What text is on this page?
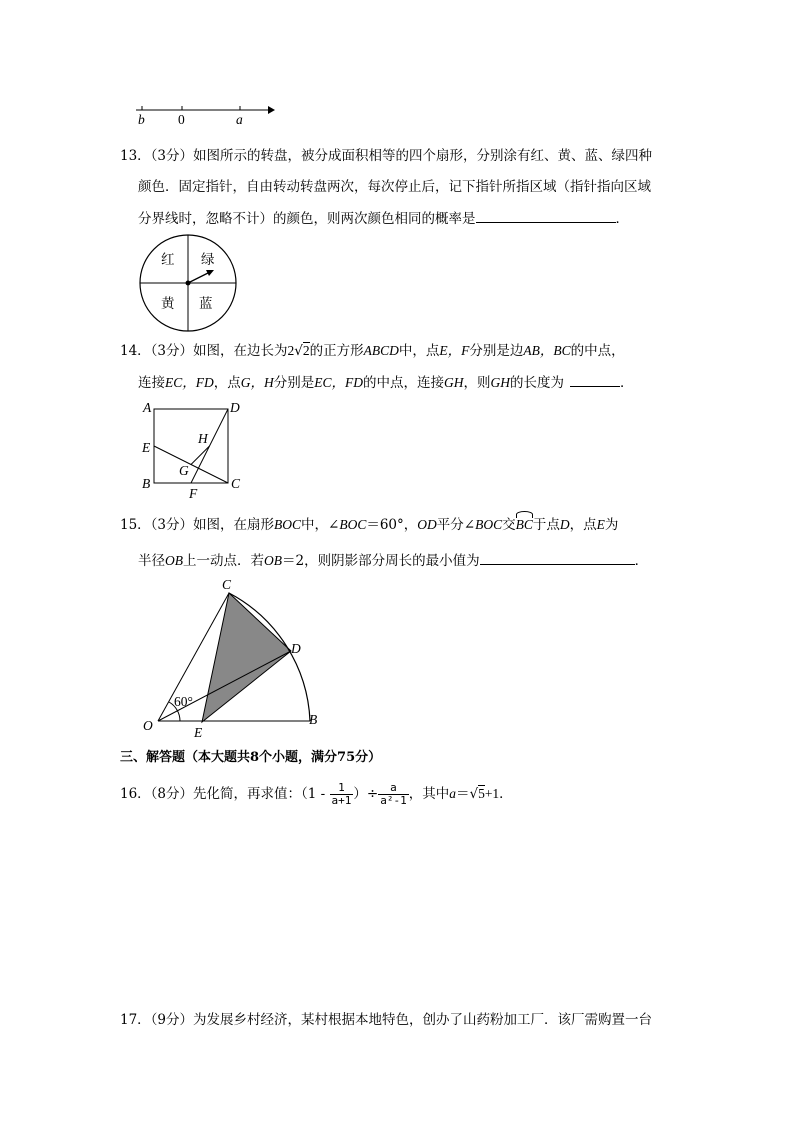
b 0	a
13．（3分）如图所示的转盘，被分成面积相等的四个扇形，分别涂有红、黄、蓝、绿四种
颜色．固定指针，自由转动转盘两次，每次停止后，记下指针所指区域（指针指向区域
分界线时，忽略不计）的颜色，则两次颜色相同的概率是	．
红 绿
黄 蓝
14．（3分）如图，在边长为2√2的正方形ABCD中，点E，F分别是边AB，BC的中点，
连接EC，FD，点G，H分别是EC，FD的中点，连接GH，则GH的长度为	．
A	D
E
H
G
B
F
C
15．（3分）如图，在扇形BOC中，∠BOC＝60°，OD平分∠BOC交
BC于点D，点E为
半径OB上一动点．若OB＝2，则阴影部分周长的最小值为	．
C
D
60°
O	E
B
三、解答题（本大题共8个小题，满分75分）
16．（8分）先化简，再求值：（$1 - \frac{1}{a+1}$ ）÷ $\frac{a}{\text{a²-1}}$ ，其中a＝√5+1．
17．（9分）为发展乡村经济，某村根据本地特色，创办了山药粉加工厂．该厂需购置一台
